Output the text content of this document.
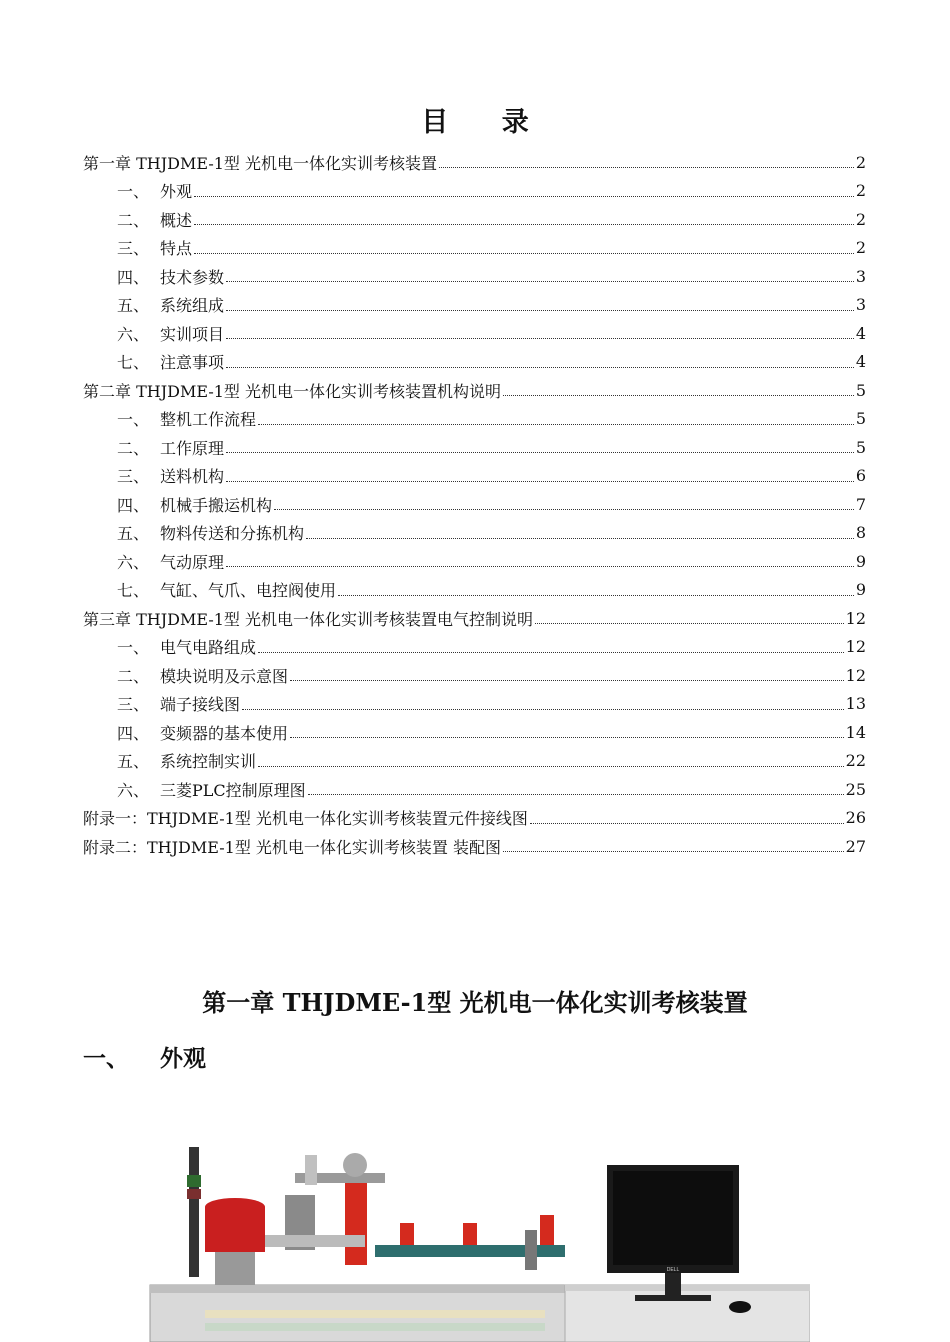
目 录
第一章 THJDME-1型 光机电一体化实训考核装置	2
一、 外观	2
二、 概述	2
三、 特点	2
四、 技术参数	3
五、 系统组成	3
六、 实训项目	4
七、 注意事项	4
第二章 THJDME-1型 光机电一体化实训考核装置机构说明	5
一、 整机工作流程	5
二、 工作原理	5
三、 送料机构	6
四、 机械手搬运机构	7
五、 物料传送和分拣机构	8
六、 气动原理	9
七、 气缸、气爪、电控阀使用	9
第三章 THJDME-1型 光机电一体化实训考核装置电气控制说明	12
一、 电气电路组成	12
二、 模块说明及示意图	12
三、 端子接线图	13
四、 变频器的基本使用	14
五、 系统控制实训	22
六、 三菱PLC控制原理图	25
附录一：THJDME-1型 光机电一体化实训考核装置元件接线图	26
附录二：THJDME-1型 光机电一体化实训考核装置 装配图	27
第一章 THJDME-1型 光机电一体化实训考核装置
一、	外观
DELL
